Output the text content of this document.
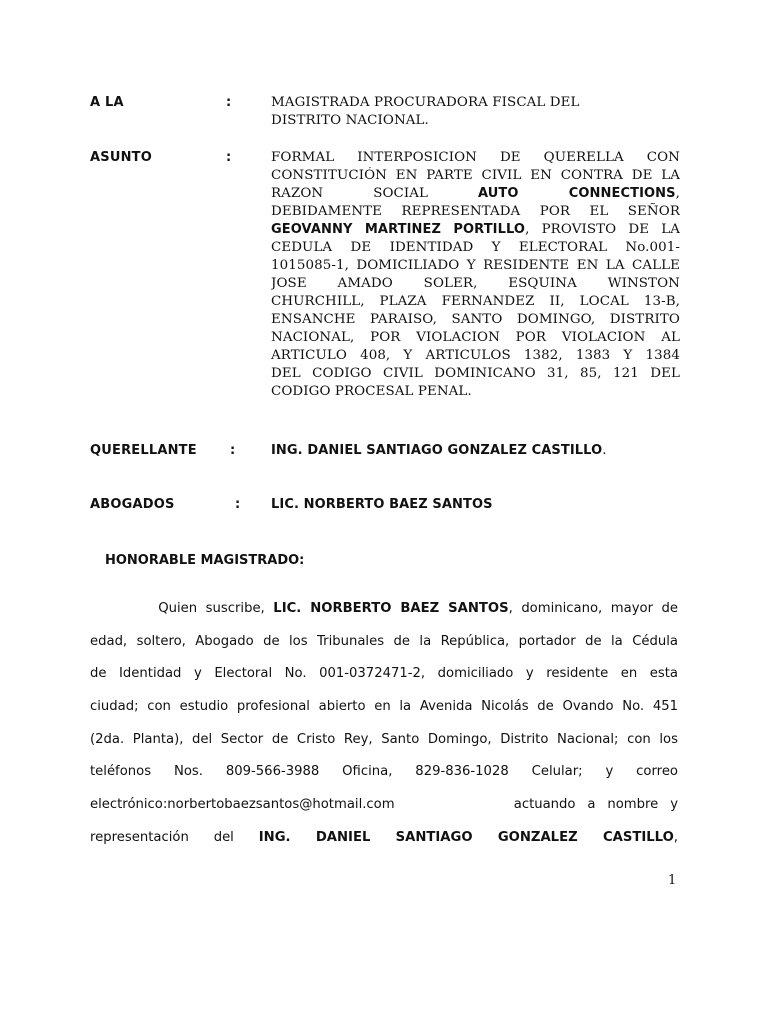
A LA	:	MAGISTRADA PROCURADORA FISCAL DEL
DISTRITO NACIONAL.
ASUNTO	:	FORMAL INTERPOSICION DE QUERELLA CON
CONSTITUCIÓN EN PARTE CIVIL EN CONTRA DE LA
RAZON SOCIAL AUTO CONNECTIONS,
DEBIDAMENTE REPRESENTADA POR EL SEÑOR
GEOVANNY MARTINEZ PORTILLO, PROVISTO DE LA
CEDULA DE IDENTIDAD Y ELECTORAL No.001-
1015085-1, DOMICILIADO Y RESIDENTE EN LA CALLE
JOSE AMADO SOLER, ESQUINA WINSTON
CHURCHILL, PLAZA FERNANDEZ II, LOCAL 13-B,
ENSANCHE PARAISO, SANTO DOMINGO, DISTRITO
NACIONAL, POR VIOLACION POR VIOLACION AL
ARTICULO 408, Y ARTICULOS 1382, 1383 Y 1384
DEL CODIGO CIVIL DOMINICANO 31, 85, 121 DEL
CODIGO PROCESAL PENAL.
QUERELLANTE	:	ING. DANIEL SANTIAGO GONZALEZ CASTILLO.
ABOGADOS	: LIC. NORBERTO BAEZ SANTOS
HONORABLE MAGISTRADO:
Quien suscribe, LIC. NORBERTO BAEZ SANTOS, dominicano, mayor de
edad, soltero, Abogado de los Tribunales de la República, portador de la Cédula
de Identidad y Electoral No. 001-0372471-2, domiciliado y residente en esta
ciudad; con estudio profesional abierto en la Avenida Nicolás de Ovando No. 451
(2da. Planta), del Sector de Cristo Rey, Santo Domingo, Distrito Nacional; con los
teléfonos Nos. 809-566-3988 Oficina, 829-836-1028 Celular; y correo
electrónico:norbertobaezsantos@hotmail.com          actuando a nombre y
representación del ING. DANIEL SANTIAGO GONZALEZ CASTILLO,
1
